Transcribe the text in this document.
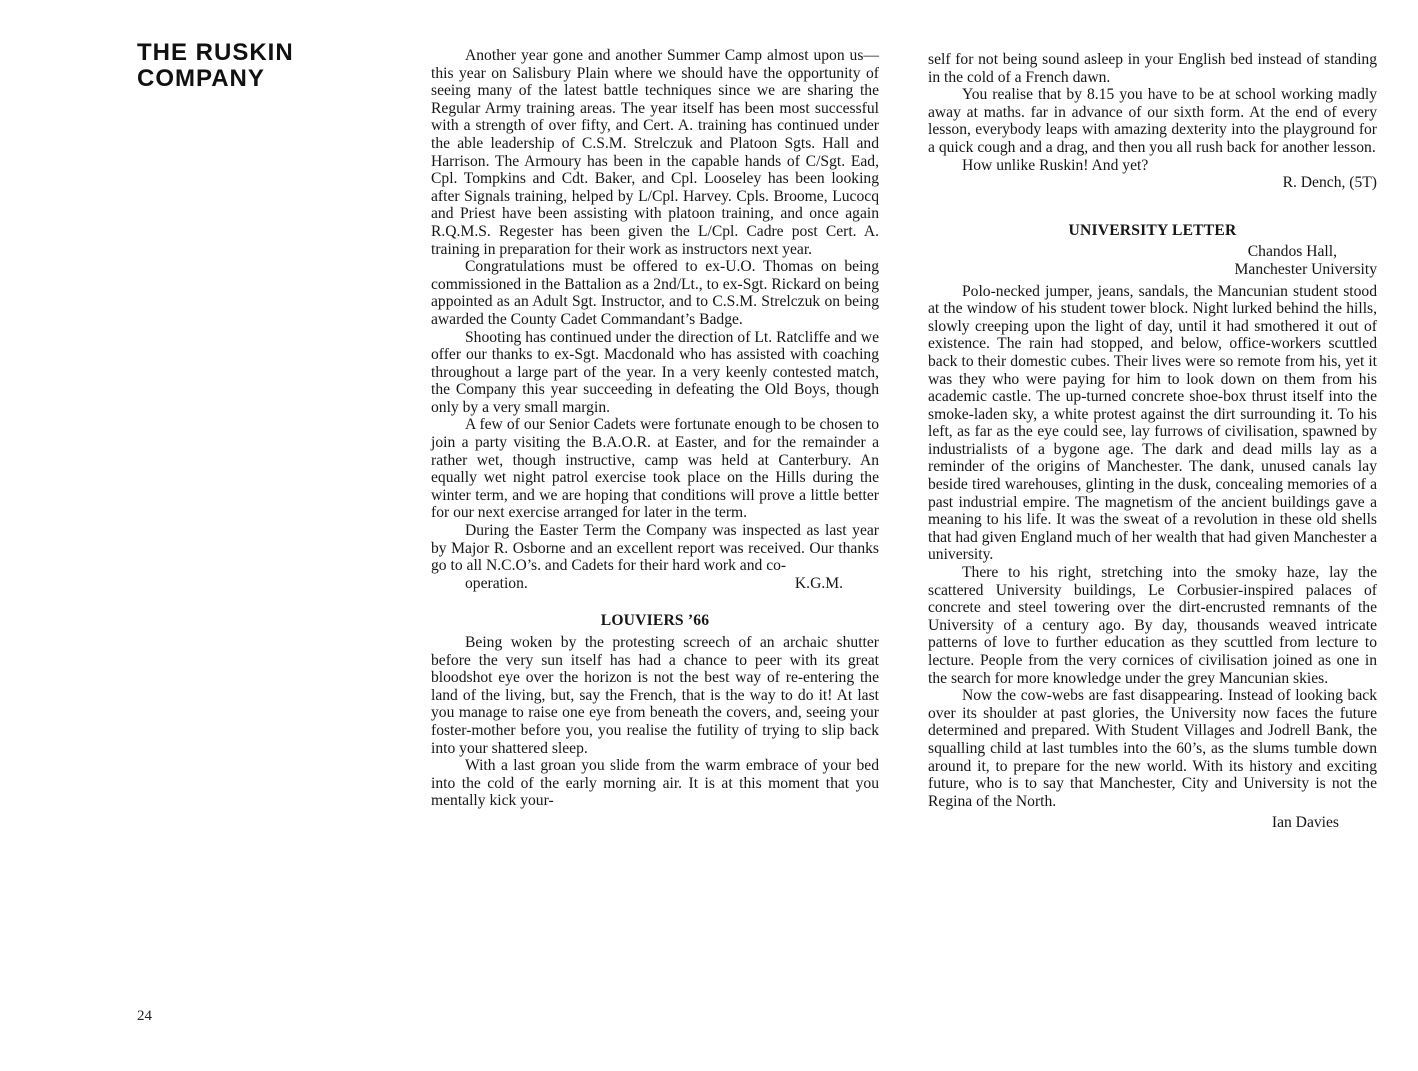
THE RUSKIN
COMPANY
24

Another year gone and another Summer Camp almost upon us—this year on Salisbury Plain where we should have the opportunity of seeing many of the latest battle techniques since we are sharing the Regular Army training areas. The year itself has been most successful with a strength of over fifty, and Cert. A. training has continued under the able leadership of C.S.M. Strelczuk and Platoon Sgts. Hall and Harrison. The Armoury has been in the capable hands of C/Sgt. Ead, Cpl. Tompkins and Cdt. Baker, and Cpl. Looseley has been looking after Signals training, helped by L/Cpl. Harvey. Cpls. Broome, Lucocq and Priest have been assisting with platoon training, and once again R.Q.M.S. Regester has been given the L/Cpl. Cadre post Cert. A. training in preparation for their work as instructors next year.

Congratulations must be offered to ex-U.O. Thomas on being commissioned in the Battalion as a 2nd/Lt., to ex-Sgt. Rickard on being appointed as an Adult Sgt. Instructor, and to C.S.M. Strelczuk on being awarded the County Cadet Commandant’s Badge.

Shooting has continued under the direction of Lt. Ratcliffe and we offer our thanks to ex-Sgt. Macdonald who has assisted with coaching throughout a large part of the year. In a very keenly contested match, the Company this year succeeding in defeating the Old Boys, though only by a very small margin.

A few of our Senior Cadets were fortunate enough to be chosen to join a party visiting the B.A.O.R. at Easter, and for the remainder a rather wet, though instructive, camp was held at Canterbury. An equally wet night patrol exercise took place on the Hills during the winter term, and we are hoping that conditions will prove a little better for our next exercise arranged for later in the term.

During the Easter Term the Company was inspected as last year by Major R. Osborne and an excellent report was received. Our thanks go to all N.C.O’s. and Cadets for their hard work and co-

operation.	K.G.M.

LOUVIERS ’66

Being woken by the protesting screech of an archaic shutter before the very sun itself has had a chance to peer with its great bloodshot eye over the horizon is not the best way of re-entering the land of the living, but, say the French, that is the way to do it! At last you manage to raise one eye from beneath the covers, and, seeing your foster-mother before you, you realise the futility of trying to slip back into your shattered sleep.

With a last groan you slide from the warm embrace of your bed into the cold of the early morning air. It is at this moment that you mentally kick your-

self for not being sound asleep in your English bed instead of standing in the cold of a French dawn.

You realise that by 8.15 you have to be at school working madly away at maths. far in advance of our sixth form. At the end of every lesson, everybody leaps with amazing dexterity into the playground for a quick cough and a drag, and then you all rush back for another lesson.

How unlike Ruskin! And yet?

R. Dench, (5T)

UNIVERSITY LETTER

Chandos Hall,

Manchester University

Polo-necked jumper, jeans, sandals, the Mancunian student stood at the window of his student tower block. Night lurked behind the hills, slowly creeping upon the light of day, until it had smothered it out of existence. The rain had stopped, and below, office-workers scuttled back to their domestic cubes. Their lives were so remote from his, yet it was they who were paying for him to look down on them from his academic castle. The up-turned concrete shoe-box thrust itself into the smoke-laden sky, a white protest against the dirt surrounding it. To his left, as far as the eye could see, lay furrows of civilisation, spawned by industrialists of a bygone age. The dark and dead mills lay as a reminder of the origins of Manchester. The dank, unused canals lay beside tired warehouses, glinting in the dusk, concealing memories of a past industrial empire. The magnetism of the ancient buildings gave a meaning to his life. It was the sweat of a revolution in these old shells that had given England much of her wealth that had given Manchester a university.

There to his right, stretching into the smoky haze, lay the scattered University buildings, Le Corbusier-inspired palaces of concrete and steel towering over the dirt-encrusted remnants of the University of a century ago. By day, thousands weaved intricate patterns of love to further education as they scuttled from lecture to lecture. People from the very cornices of civilisation joined as one in the search for more knowledge under the grey Mancunian skies.

Now the cow-webs are fast disappearing. Instead of looking back over its shoulder at past glories, the University now faces the future determined and prepared. With Student Villages and Jodrell Bank, the squalling child at last tumbles into the 60’s, as the slums tumble down around it, to prepare for the new world. With its history and exciting future, who is to say that Manchester, City and University is not the Regina of the North.

Ian Davies
